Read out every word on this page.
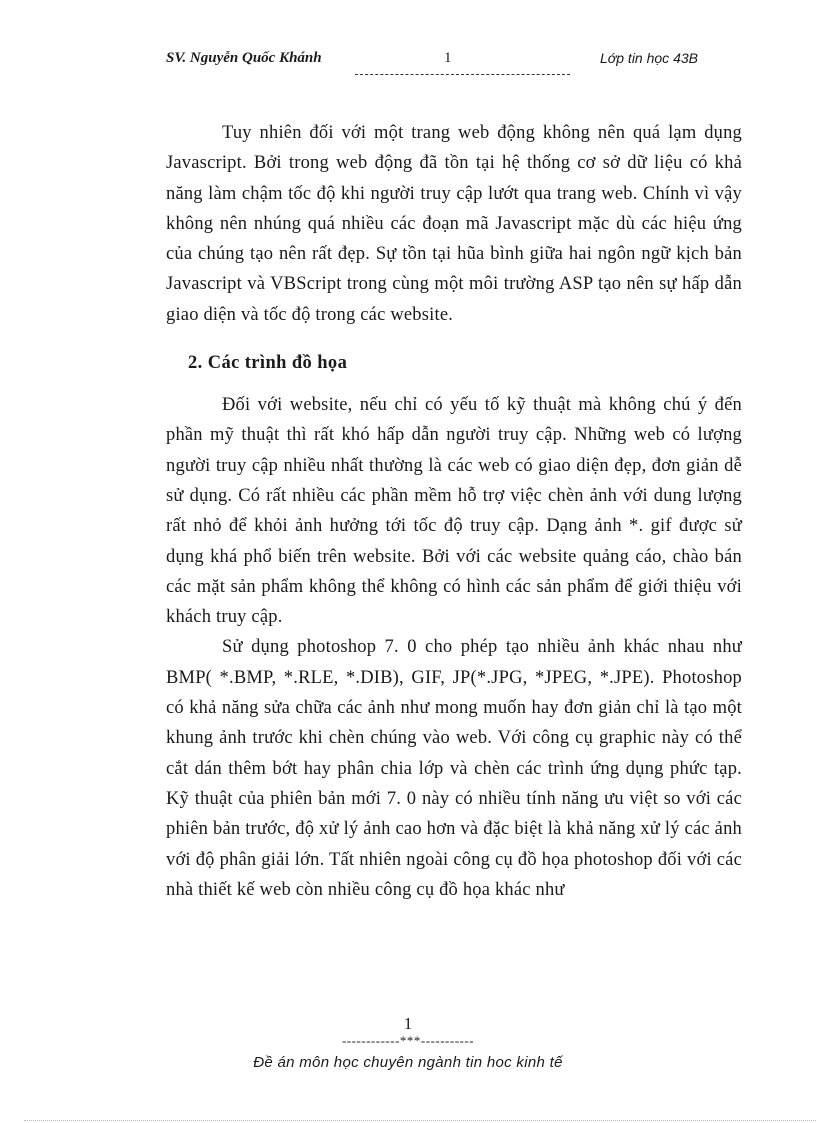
SV. Nguyễn Quốc Khánh	1	Lớp tin học 43B

Tuy nhiên đối với một trang web động không nên quá lạm dụng Javascript. Bởi trong web động đã tồn tại hệ thống cơ sở dữ liệu có khả năng làm chậm tốc độ khi người truy cập lướt qua trang web. Chính vì vậy không nên nhúng quá nhiều các đoạn mã Javascript mặc dù các hiệu ứng của chúng tạo nên rất đẹp. Sự tồn tại hũa bình giữa hai ngôn ngữ kịch bản Javascript và VBScript trong cùng một môi trường ASP tạo nên sự hấp dẫn giao diện và tốc độ trong các website.

2. Các trình đồ họa

Đối với website, nếu chỉ có yếu tố kỹ thuật mà không chú ý đến phần mỹ thuật thì rất khó hấp dẫn người truy cập. Những web có lượng người truy cập nhiều nhất thường là các web có giao diện đẹp, đơn giản dễ sử dụng. Có rất nhiều các phần mềm hỗ trợ việc chèn ảnh với dung lượng rất nhỏ để khỏi ảnh hưởng tới tốc độ truy cập. Dạng ảnh *. gif được sử dụng khá phổ biến trên website. Bởi với các website quảng cáo, chào bán các mặt sản phẩm không thể không có hình các sản phẩm để giới thiệu với khách truy cập.

Sử dụng photoshop 7. 0 cho phép tạo nhiều ảnh khác nhau như BMP( *.BMP, *.RLE, *.DIB), GIF, JP(*.JPG, *JPEG, *.JPE). Photoshop có khả năng sửa chữa các ảnh như mong muốn hay đơn giản chỉ là tạo một khung ảnh trước khi chèn chúng vào web. Với công cụ graphic này có thể cắt dán thêm bớt hay phân chia lớp và chèn các trình ứng dụng phức tạp. Kỹ thuật của phiên bản mới 7. 0 này có nhiều tính năng ưu việt so với các phiên bản trước, độ xử lý ảnh cao hơn và đặc biệt là khả năng xử lý các ảnh với độ phân giải lớn. Tất nhiên ngoài công cụ đồ họa photoshop đối với các nhà thiết kế web còn nhiều công cụ đồ họa khác như

1
------------***-----------
Đề án môn học chuyên ngành tin hoc kinh tế
